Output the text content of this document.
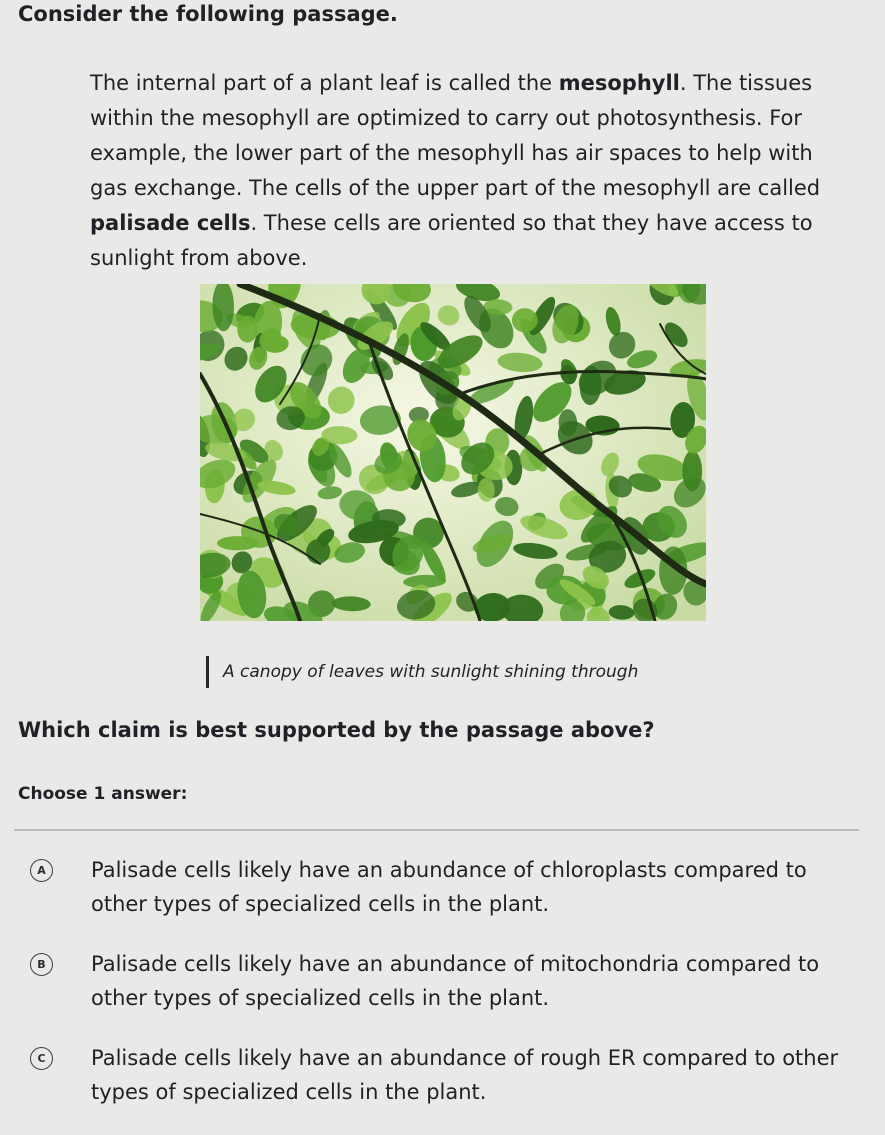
Consider the following passage.

The internal part of a plant leaf is called the mesophyll. The tissues within the mesophyll are optimized to carry out photosynthesis. For example, the lower part of the mesophyll has air spaces to help with gas exchange. The cells of the upper part of the mesophyll are called palisade cells. These cells are oriented so that they have access to sunlight from above.

A canopy of leaves with sunlight shining through
Which claim is best supported by the passage above?
Choose 1 answer:
A	Palisade cells likely have an abundance of chloroplasts compared to other types of specialized cells in the plant.
B	Palisade cells likely have an abundance of mitochondria compared to other types of specialized cells in the plant.
C	Palisade cells likely have an abundance of rough ER compared to other types of specialized cells in the plant.
